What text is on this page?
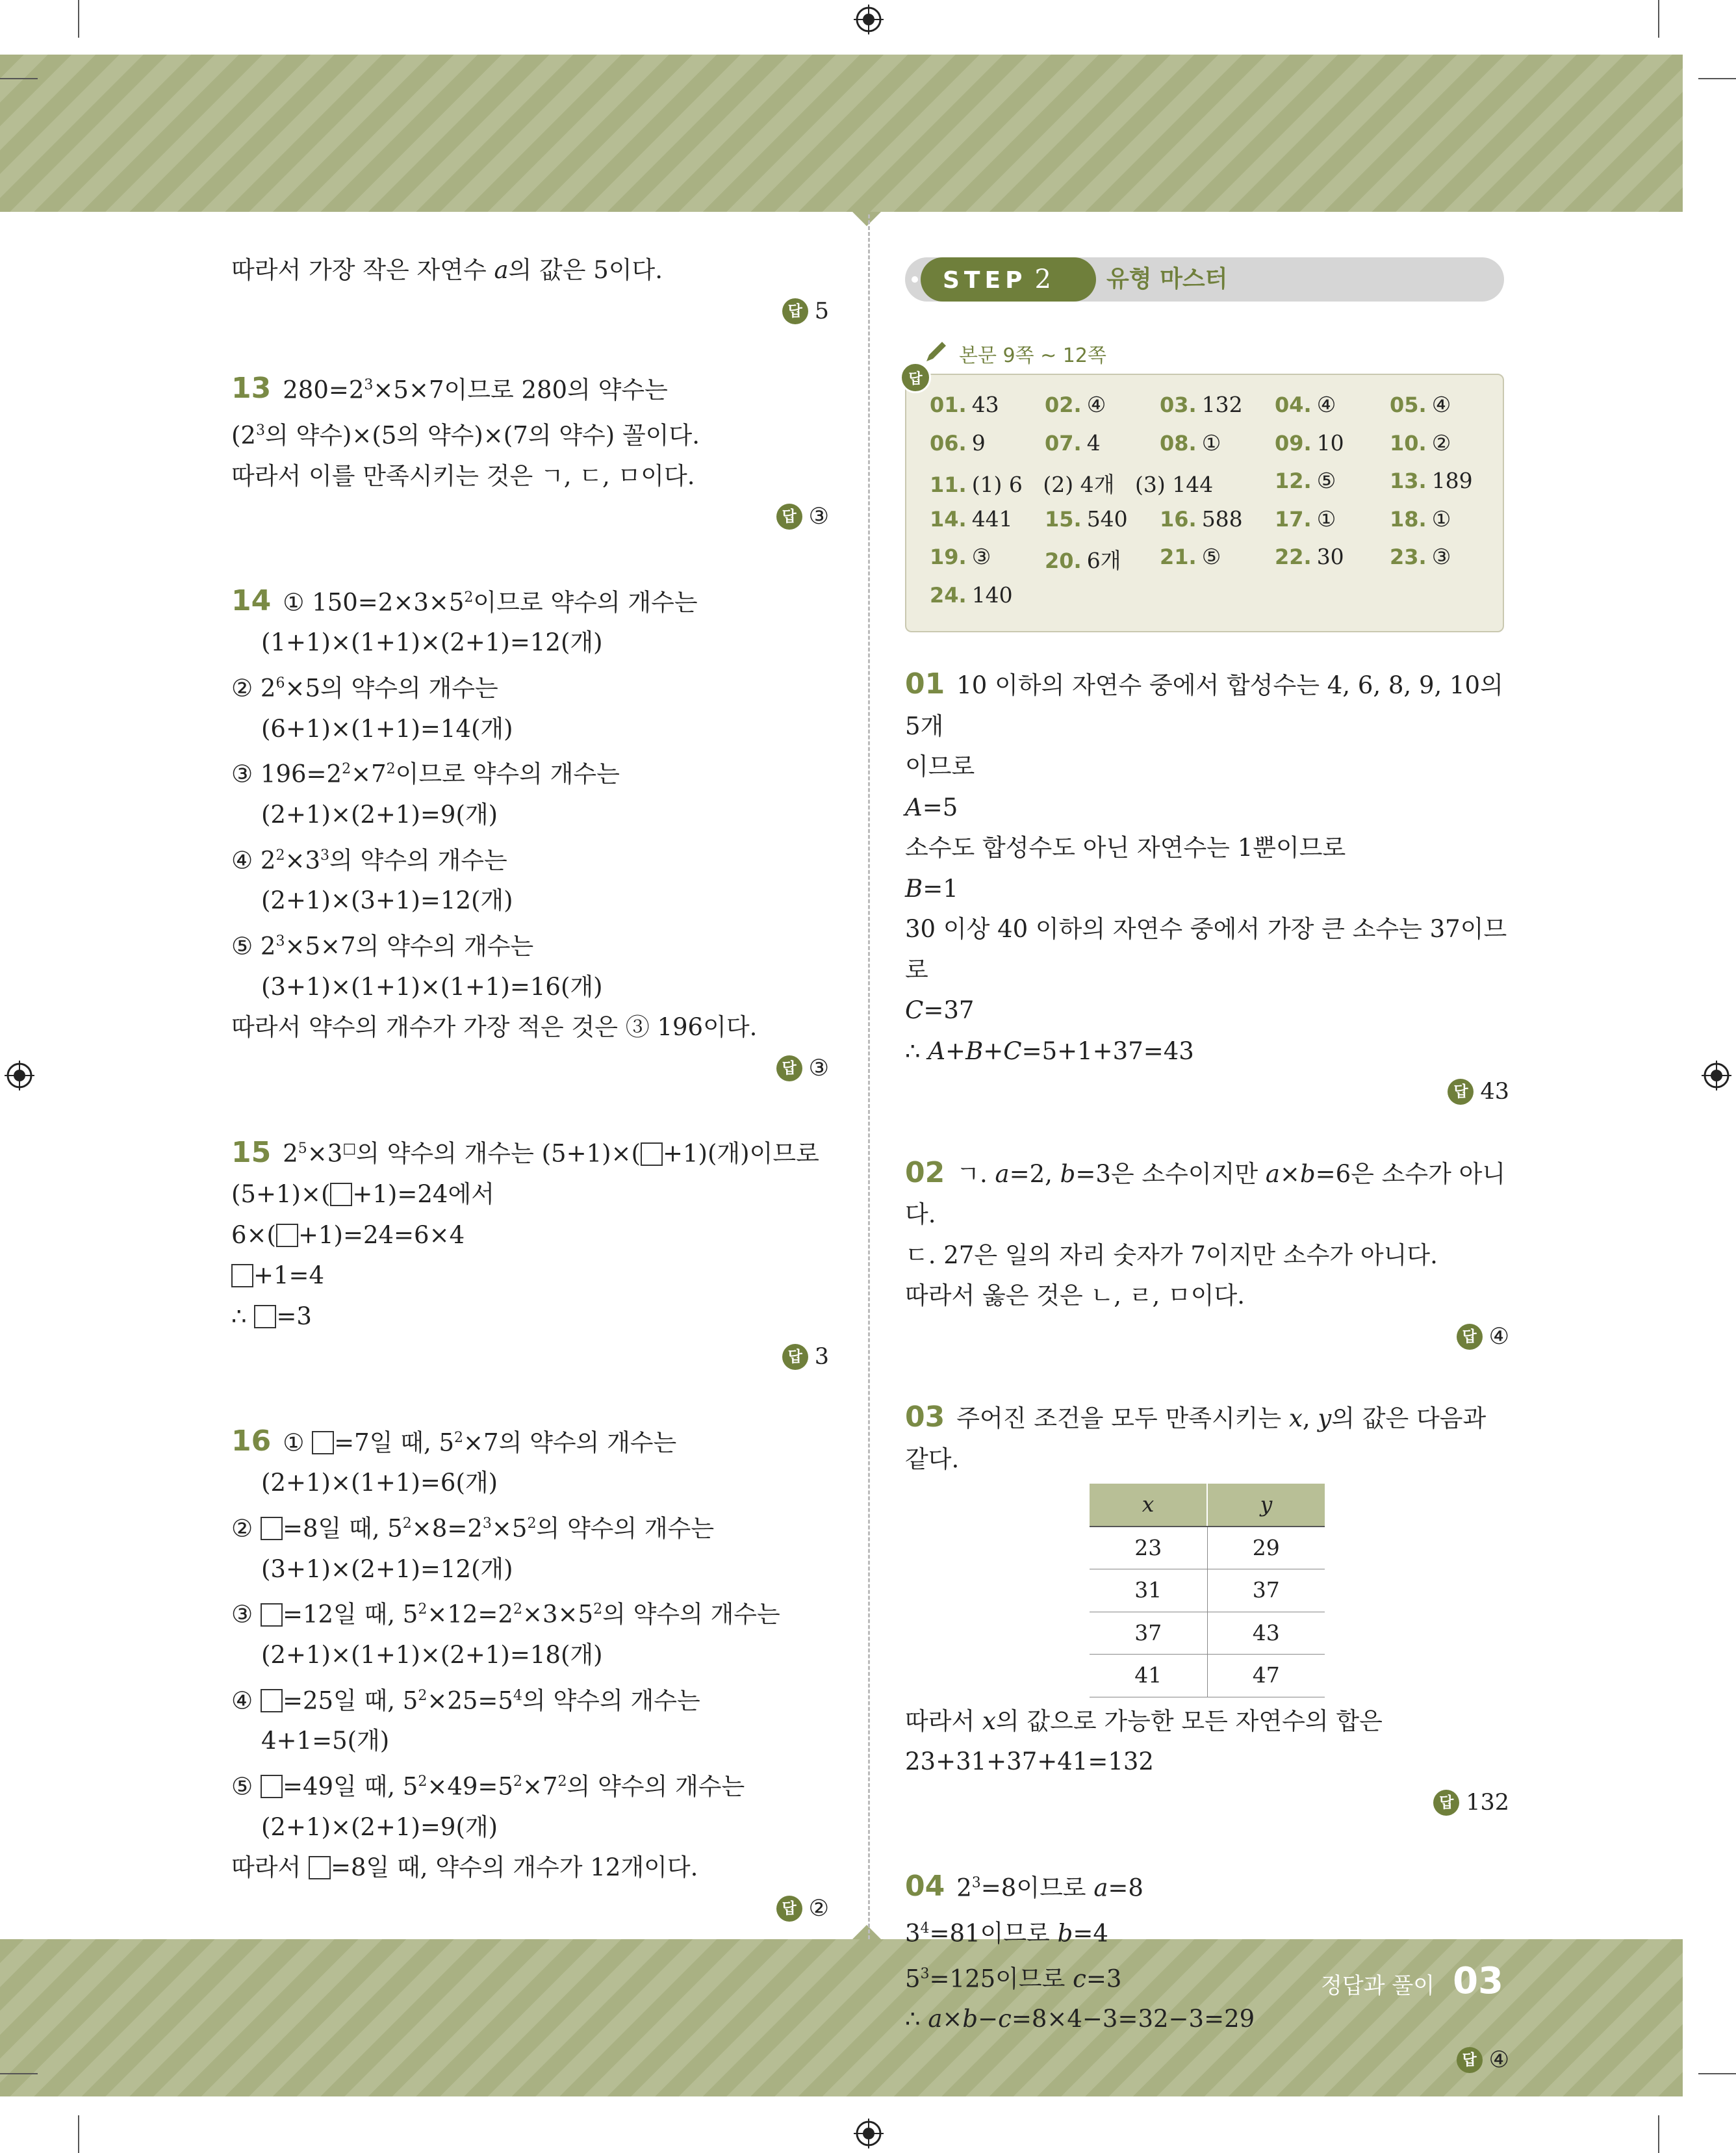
따라서 가장 작은 자연수 a의 값은 5이다.
답 5
13 $280=2^3\times 5\times 7$이므로 280의 약수는
($2^3$의 약수)×(5의 약수)×(7의 약수) 꼴이다.
따라서 이를 만족시키는 것은 ㄱ, ㄷ, ㅁ이다.
답 ③
14 ① $150=2\times 3\times 5^2$이므로 약수의 개수는
(1+1)×(1+1)×(2+1)=12(개)
② $2^6\times 5$의 약수의 개수는
(6+1)×(1+1)=14(개)
③ $196=2^2\times 7^2$이므로 약수의 개수는
(2+1)×(2+1)=9(개)
④ $2^2\times 3^3$의 약수의 개수는
(2+1)×(3+1)=12(개)
⑤ $2^3\times 5\times 7$의 약수의 개수는
(3+1)×(1+1)×(1+1)=16(개)
따라서 약수의 개수가 가장 적은 것은 ③ 196이다.
답 ③
15 $2^5\times 3^□$의 약수의 개수는 (5+1)×( +1)(개)이므로
(5+1)×( +1)=24에서
6×( +1)=24=6×4
+1=4
∴ =3
답 3
16 ① =7일 때, $5^2\times 7$의 약수의 개수는
(2+1)×(1+1)=6(개)
② =8일 때, $5^2\times 8=2^3\times 5^2$의 약수의 개수는
(3+1)×(2+1)=12(개)
③ =12일 때, $5^2\times 12=2^2\times 3\times 5^2$의 약수의 개수는
(2+1)×(1+1)×(2+1)=18(개)
④ =25일 때, $5^2\times 25=5^4$의 약수의 개수는
4+1=5(개)
⑤ =49일 때, $5^2\times 49=5^2\times 7^2$의 약수의 개수는
(2+1)×(2+1)=9(개)
따라서 =8일 때, 약수의 개수가 12개이다.
답 ②
STEP 2	유형 마스터
본문 9쪽 ~ 12쪽
답
01. 43	02. ④	03. 132	04. ④	05. ④
06. 9	07. 4	08. ①	09. 10	10. ②
11. (1) 6   (2) 4개   (3) 144	12. ⑤	13. 189
14. 441	15. 540	16. 588	17. ①	18. ①
19. ③	20. 6개	21. ⑤	22. 30	23. ③
24. 140
01 10 이하의 자연수 중에서 합성수는 4, 6, 8, 9, 10의 5개
이므로
A=5
소수도 합성수도 아닌 자연수는 1뿐이므로
B=1
30 이상 40 이하의 자연수 중에서 가장 큰 소수는 37이므로
C=37
∴ A+B+C=5+1+37=43
답 43
02 ㄱ. a=2, b=3은 소수이지만 a×b=6은 소수가 아니다.
ㄷ. 27은 일의 자리 숫자가 7이지만 소수가 아니다.
따라서 옳은 것은 ㄴ, ㄹ, ㅁ이다.
답 ④
03 주어진 조건을 모두 만족시키는 x, y의 값은 다음과 같다.
x	y
23	29
31	37
37	43
41	47
따라서 x의 값으로 가능한 모든 자연수의 합은
23+31+37+41=132
답 132
04 $2^3=8$이므로 a=8
$3^4=81$이므로 b=4
$5^3=125$이므로 c=3
∴ a×b−c=8×4−3=32−3=29
답 ④
정답과 풀이 03
